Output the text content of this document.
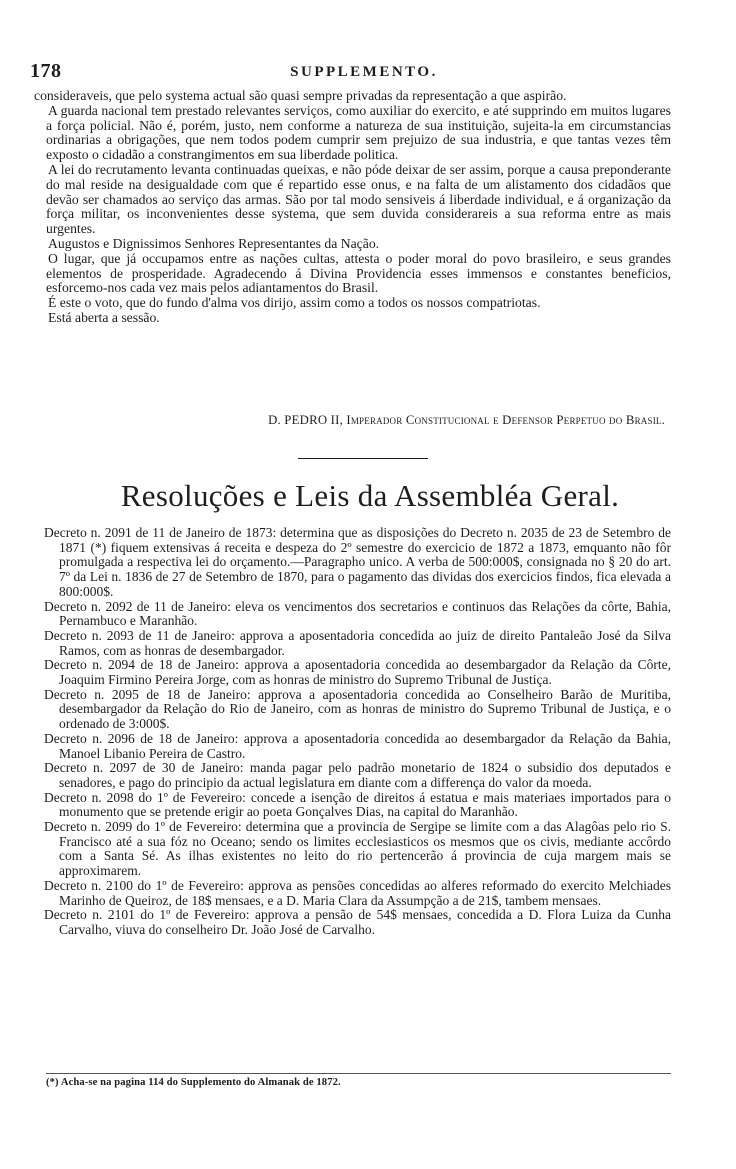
178	SUPPLEMENTO.

consideraveis, que pelo systema actual são quasi sempre privadas da representação a que aspirão.

A guarda nacional tem prestado relevantes serviços, como auxiliar do exercito, e até supprindo em muitos lugares a força policial. Não é, porém, justo, nem conforme a natureza de sua instituição, sujeita-la em circumstancias ordinarias a obrigações, que nem todos podem cumprir sem prejuizo de sua industria, e que tantas vezes têm exposto o cidadão a constrangimentos em sua liberdade politica.

A lei do recrutamento levanta continuadas queixas, e não póde deixar de ser assim, porque a causa preponderante do mal reside na desigualdade com que é repartido esse onus, e na falta de um alistamento dos cidadãos que devão ser chamados ao serviço das armas. São por tal modo sensiveis á liberdade individual, e á organização da força militar, os inconvenientes desse systema, que sem duvida considerareis a sua reforma entre as mais urgentes.

Augustos e Dignissimos Senhores Representantes da Nação.

O lugar, que já occupamos entre as nações cultas, attesta o poder moral do povo brasileiro, e seus grandes elementos de prosperidade. Agradecendo á Divina Providencia esses immensos e constantes beneficios, esforcemo-nos cada vez mais pelos adiantamentos do Brasil.

É este o voto, que do fundo d'alma vos dirijo, assim como a todos os nossos compatriotas.

Está aberta a sessão.

D. PEDRO II, Imperador Constitucional e Defensor Perpetuo do Brasil.
Resoluções e Leis da Assembléa Geral.

Decreto n. 2091 de 11 de Janeiro de 1873: determina que as disposições do Decreto n. 2035 de 23 de Setembro de 1871 (*) fiquem extensivas á receita e despeza do 2º semestre do exercicio de 1872 a 1873, emquanto não fôr promulgada a respectiva lei do orçamento.—Paragrapho unico. A verba de 500:000$, consignada no § 20 do art. 7º da Lei n. 1836 de 27 de Setembro de 1870, para o pagamento das dividas dos exercicios findos, fica elevada a 800:000$.

Decreto n. 2092 de 11 de Janeiro: eleva os vencimentos dos secretarios e continuos das Relações da côrte, Bahia, Pernambuco e Maranhão.

Decreto n. 2093 de 11 de Janeiro: approva a aposentadoria concedida ao juiz de direito Pantaleão José da Silva Ramos, com as honras de desembargador.

Decreto n. 2094 de 18 de Janeiro: approva a aposentadoria concedida ao desembargador da Relação da Côrte, Joaquim Firmino Pereira Jorge, com as honras de ministro do Supremo Tribunal de Justiça.

Decreto n. 2095 de 18 de Janeiro: approva a aposentadoria concedida ao Conselheiro Barão de Muritiba, desembargador da Relação do Rio de Janeiro, com as honras de ministro do Supremo Tribunal de Justiça, e o ordenado de 3:000$.

Decreto n. 2096 de 18 de Janeiro: approva a aposentadoria concedida ao desembargador da Relação da Bahia, Manoel Libanio Pereira de Castro.

Decreto n. 2097 de 30 de Janeiro: manda pagar pelo padrão monetario de 1824 o subsidio dos deputados e senadores, e pago do principio da actual legislatura em diante com a differença do valor da moeda.

Decreto n. 2098 do 1º de Fevereiro: concede a isenção de direitos á estatua e mais materiaes importados para o monumento que se pretende erigir ao poeta Gonçalves Dias, na capital do Maranhão.

Decreto n. 2099 do 1º de Fevereiro: determina que a provincia de Sergipe se limite com a das Alagôas pelo rio S. Francisco até a sua fóz no Oceano; sendo os limites ecclesiasticos os mesmos que os civis, mediante accôrdo com a Santa Sé. As ilhas existentes no leito do rio pertencerão á provincia de cuja margem mais se approximarem.

Decreto n. 2100 do 1º de Fevereiro: approva as pensões concedidas ao alferes reformado do exercito Melchiades Marinho de Queiroz, de 18$ mensaes, e a D. Maria Clara da Assumpção a de 21$, tambem mensaes.

Decreto n. 2101 do 1º de Fevereiro: approva a pensão de 54$ mensaes, concedida a D. Flora Luiza da Cunha Carvalho, viuva do conselheiro Dr. João José de Carvalho.

(*) Acha-se na pagina 114 do Supplemento do Almanak de 1872.
